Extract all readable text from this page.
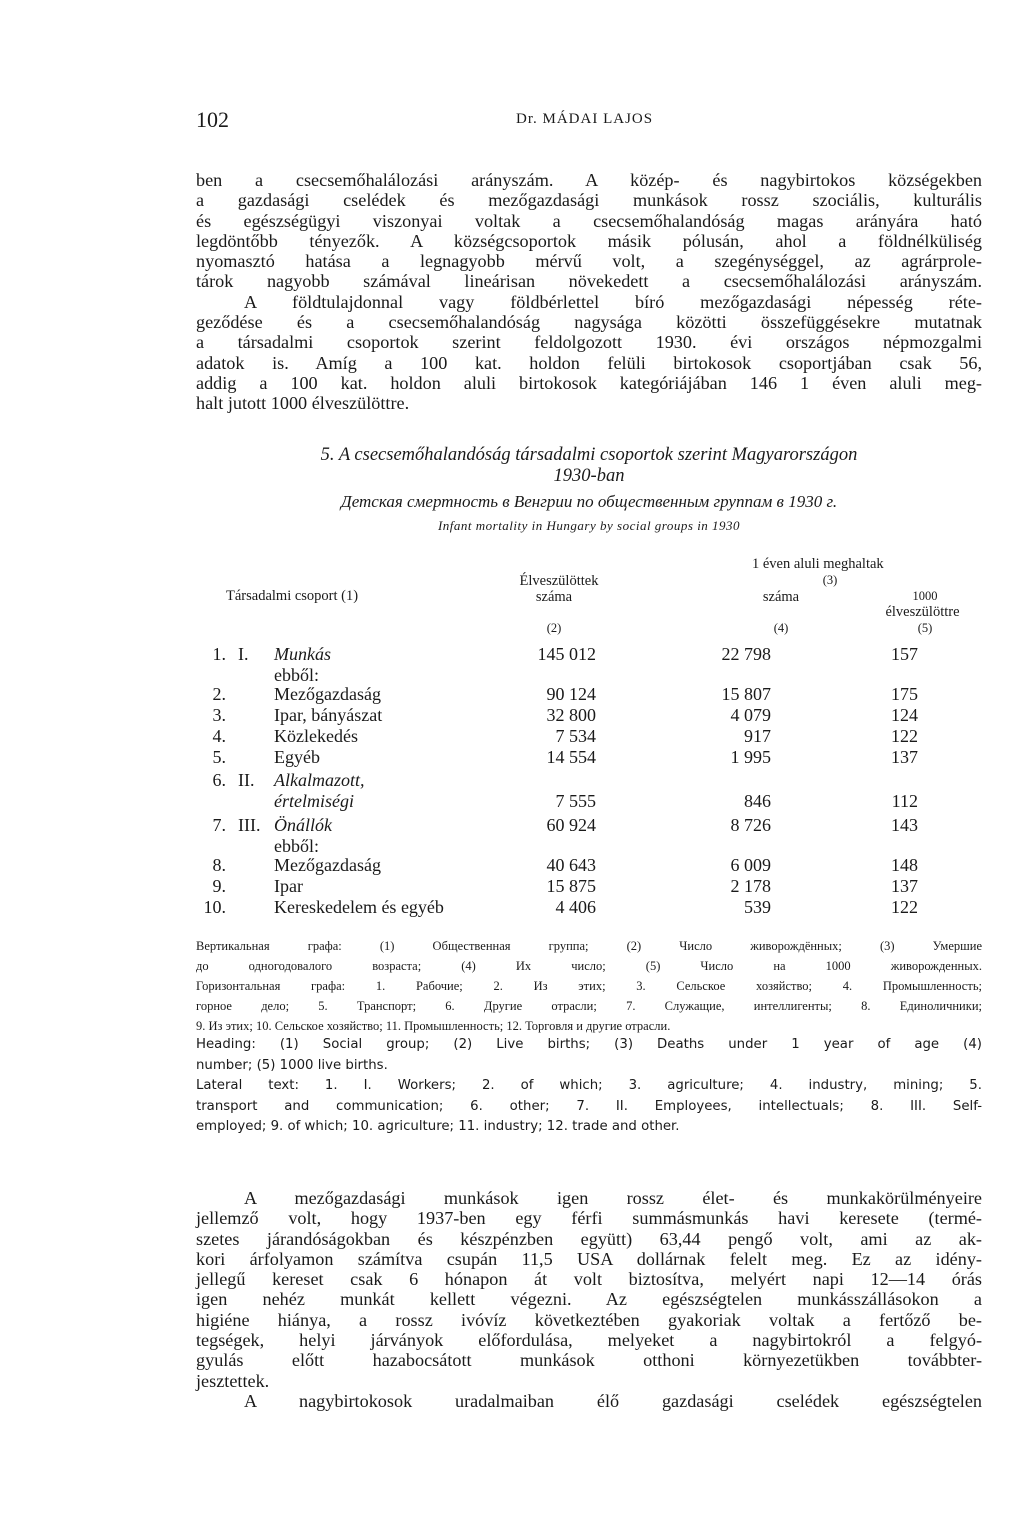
102	Dr. MÁDAI LAJOS
ben a csecsemőhalálozási arányszám. A közép- és nagybirtokos községekben
a gazdasági cselédek és mezőgazdasági munkások rossz szociális, kulturális
és egészségügyi viszonyai voltak a csecsemőhalandóság magas arányára ható
legdöntőbb tényezők. A községcsoportok másik pólusán, ahol a földnélküliség
nyomasztó hatása a legnagyobb mérvű volt, a szegénységgel, az agrárprole-
tárok nagyobb számával lineárisan növekedett a csecsemőhalálozási arányszám.
A földtulajdonnal vagy földbérlettel bíró mezőgazdasági népesség réte-
geződése és a csecsemőhalandóság nagysága közötti összefüggésekre mutatnak
a társadalmi csoportok szerint feldolgozott 1930. évi országos népmozgalmi
adatok is. Amíg a 100 kat. holdon felüli birtokosok csoportjában csak 56,
addig a 100 kat. holdon aluli birtokosok kategóriájában 146 1 éven aluli meg-
halt jutott 1000 élveszülöttre.
5. A csecsemőhalandóság társadalmi csoportok szerint Magyarországon
1930-ban
Детская смертность в Венгрии по общественным группам в 1930 г.
Infant mortality in Hungary by social groups in 1930
Társadalmi csoport (1)
Élveszülöttek
száma
(2)
1 éven aluli meghaltak
(3)
száma
(4)
1000
élveszülöttre
(5)
1. I. Munkás	145 012	22 798	157
ebből:
2.	Mezőgazdaság	90 124	15 807	175
3.	Ipar, bányászat	32 800	4 079	124
4.	Közlekedés	7 534	917	122
5.	Egyéb	14 554	1 995	137
6. II. Alkalmazott,
értelmiségi	7 555	846	112
7. III. Önállók	60 924	8 726	143
ebből:
8.	Mezőgazdaság	40 643	6 009	148
9.	Ipar	15 875	2 178	137
10.	Kereskedelem és egyéb	4 406	539	122
Вертикальная графа: (1) Общественная группа; (2) Число живорождённых; (3) Умершие
до одногодовалого возраста; (4) Их число; (5) Число на 1000 живорожденных.
Горизонтальная графа: 1. Рабочие; 2. Из этих; 3. Сельское хозяйство; 4. Промышленность;
горное дело; 5. Транспорт; 6. Другие отрасли; 7. Служащие, интеллигенты; 8. Единоличники;
9. Из этих; 10. Сельское хозяйство; 11. Промышленность; 12. Торговля и другие отрасли.
Heading: (1) Social group; (2) Live births; (3) Deaths under 1 year of age (4)
number; (5) 1000 live births.
Lateral text: 1. I. Workers; 2. of which; 3. agriculture; 4. industry, mining; 5.
transport and communication; 6. other; 7. II. Employees, intellectuals; 8. III. Self-
employed; 9. of which; 10. agriculture; 11. industry; 12. trade and other.
A mezőgazdasági munkások igen rossz élet- és munkakörülményeire
jellemző volt, hogy 1937-ben egy férfi summásmunkás havi keresete (termé-
szetes járandóságokban és készpénzben együtt) 63,44 pengő volt, ami az ak-
kori árfolyamon számítva csupán 11,5 USA dollárnak felelt meg. Ez az idény-
jellegű kereset csak 6 hónapon át volt biztosítva, melyért napi 12—14 órás
igen nehéz munkát kellett végezni. Az egészségtelen munkásszállásokon a
higiéne hiánya, a rossz ivóvíz következtében gyakoriak voltak a fertőző be-
tegségek, helyi járványok előfordulása, melyeket a nagybirtokról a felgyó-
gyulás előtt hazabocsátott munkások otthoni környezetükben továbbter-
jesztettek.
A nagybirtokosok uradalmaiban élő gazdasági cselédek egészségtelen
